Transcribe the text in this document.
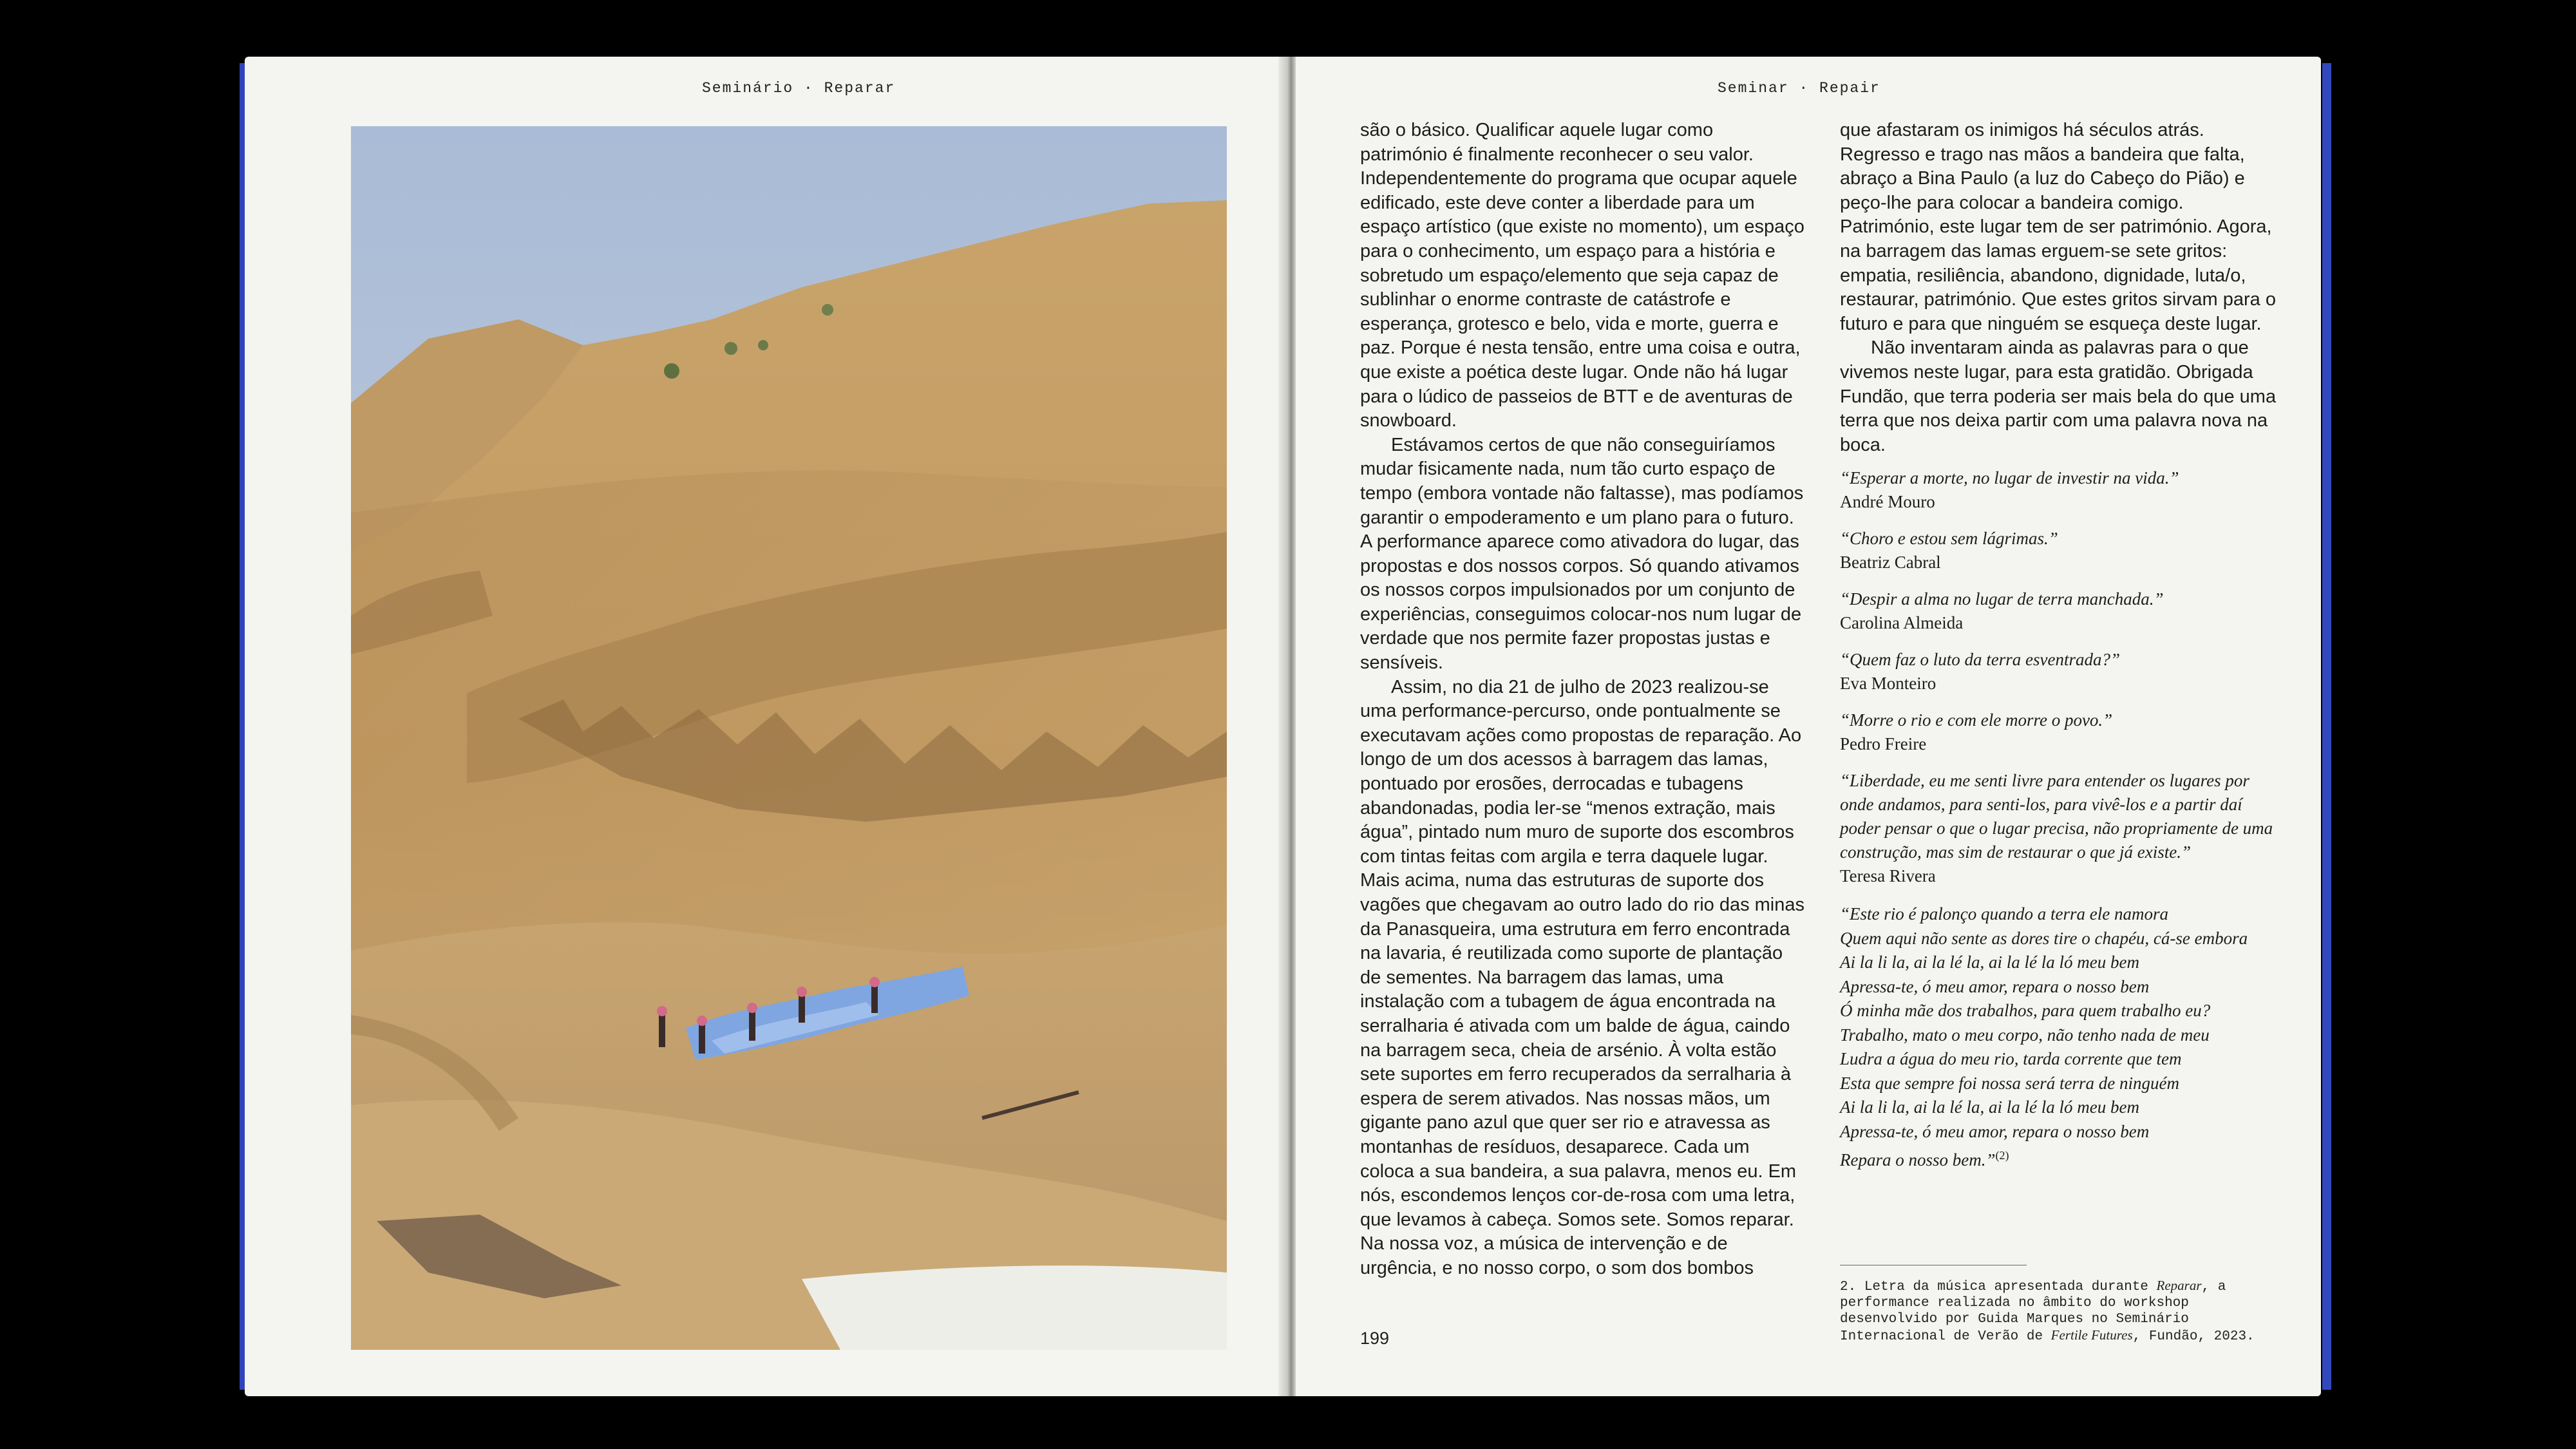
Seminário · Reparar	Seminar · Repair

são o básico. Qualificar aquele lugar como património é finalmente reconhecer o seu valor. Independentemente do programa que ocupar aquele edificado, este deve conter a liberdade para um espaço artístico (que existe no momento), um espaço para o conhecimento, um espaço para a história e sobretudo um espaço/elemento que seja capaz de sublinhar o enorme contraste de catástrofe e esperança, grotesco e belo, vida e morte, guerra e paz. Porque é nesta tensão, entre uma coisa e outra, que existe a poética deste lugar. Onde não há lugar para o lúdico de passeios de BTT e de aventuras de snowboard.

Estávamos certos de que não conseguiríamos mudar fisicamente nada, num tão curto espaço de tempo (embora vontade não faltasse), mas podíamos garantir o empoderamento e um plano para o futuro. A performance aparece como ativadora do lugar, das propostas e dos nossos corpos. Só quando ativamos os nossos corpos impulsionados por um conjunto de experiências, conseguimos colocar-nos num lugar de verdade que nos permite fazer propostas justas e sensíveis.

Assim, no dia 21 de julho de 2023 realizou-se uma performance-percurso, onde pontualmente se executavam ações como propostas de reparação. Ao longo de um dos acessos à barragem das lamas, pontuado por erosões, derrocadas e tubagens abandonadas, podia ler-se “menos extração, mais água”, pintado num muro de suporte dos escombros com tintas feitas com argila e terra daquele lugar. Mais acima, numa das estruturas de suporte dos vagões que chegavam ao outro lado do rio das minas da Panasqueira, uma estrutura em ferro encontrada na lavaria, é reutilizada como suporte de plantação de sementes. Na barragem das lamas, uma instalação com a tubagem de água encontrada na serralharia é ativada com um balde de água, caindo na barragem seca, cheia de arsénio. À volta estão sete suportes em ferro recuperados da serralharia à espera de serem ativados. Nas nossas mãos, um gigante pano azul que quer ser rio e atravessa as montanhas de resíduos, desaparece. Cada um coloca a sua bandeira, a sua palavra, menos eu. Em nós, escondemos lenços cor-de-rosa com uma letra, que levamos à cabeça. Somos sete. Somos reparar. Na nossa voz, a música de intervenção e de urgência, e no nosso corpo, o som dos bombos

que afastaram os inimigos há séculos atrás. Regresso e trago nas mãos a bandeira que falta, abraço a Bina Paulo (a luz do Cabeço do Pião) e peço-lhe para colocar a bandeira comigo. Património, este lugar tem de ser património. Agora, na barragem das lamas erguem-se sete gritos: empatia, resiliência, abandono, dignidade, luta/o, restaurar, património. Que estes gritos sirvam para o futuro e para que ninguém se esqueça deste lugar.

Não inventaram ainda as palavras para o que vivemos neste lugar, para esta gratidão. Obrigada Fundão, que terra poderia ser mais bela do que uma terra que nos deixa partir com uma palavra nova na boca.

“Esperar a morte, no lugar de investir na vida.”
André Mouro
“Choro e estou sem lágrimas.”
Beatriz Cabral
“Despir a alma no lugar de terra manchada.”
Carolina Almeida
“Quem faz o luto da terra esventrada?”
Eva Monteiro
“Morre o rio e com ele morre o povo.”
Pedro Freire
“Liberdade, eu me senti livre para entender os lugares por onde andamos, para senti-los, para vivê-los e a partir daí poder pensar o que o lugar precisa, não propriamente de uma construção, mas sim de restaurar o que já existe.”
Teresa Rivera
“Este rio é palonço quando a terra ele namora
Quem aqui não sente as dores tire o chapéu, cá-se embora
Ai la li la, ai la lé la, ai la lé la ló meu bem
Apressa-te, ó meu amor, repara o nosso bem
Ó minha mãe dos trabalhos, para quem trabalho eu?
Trabalho, mato o meu corpo, não tenho nada de meu
Ludra a água do meu rio, tarda corrente que tem
Esta que sempre foi nossa será terra de ninguém
Ai la li la, ai la lé la, ai la lé la ló meu bem
Apressa-te, ó meu amor, repara o nosso bem
Repara o nosso bem.”$^{(2)}$
2. Letra da música apresentada durante Reparar, a performance realizada no âmbito do workshop desenvolvido por Guida Marques no Seminário Internacional de Verão de Fertile Futures, Fundão, 2023.
199
